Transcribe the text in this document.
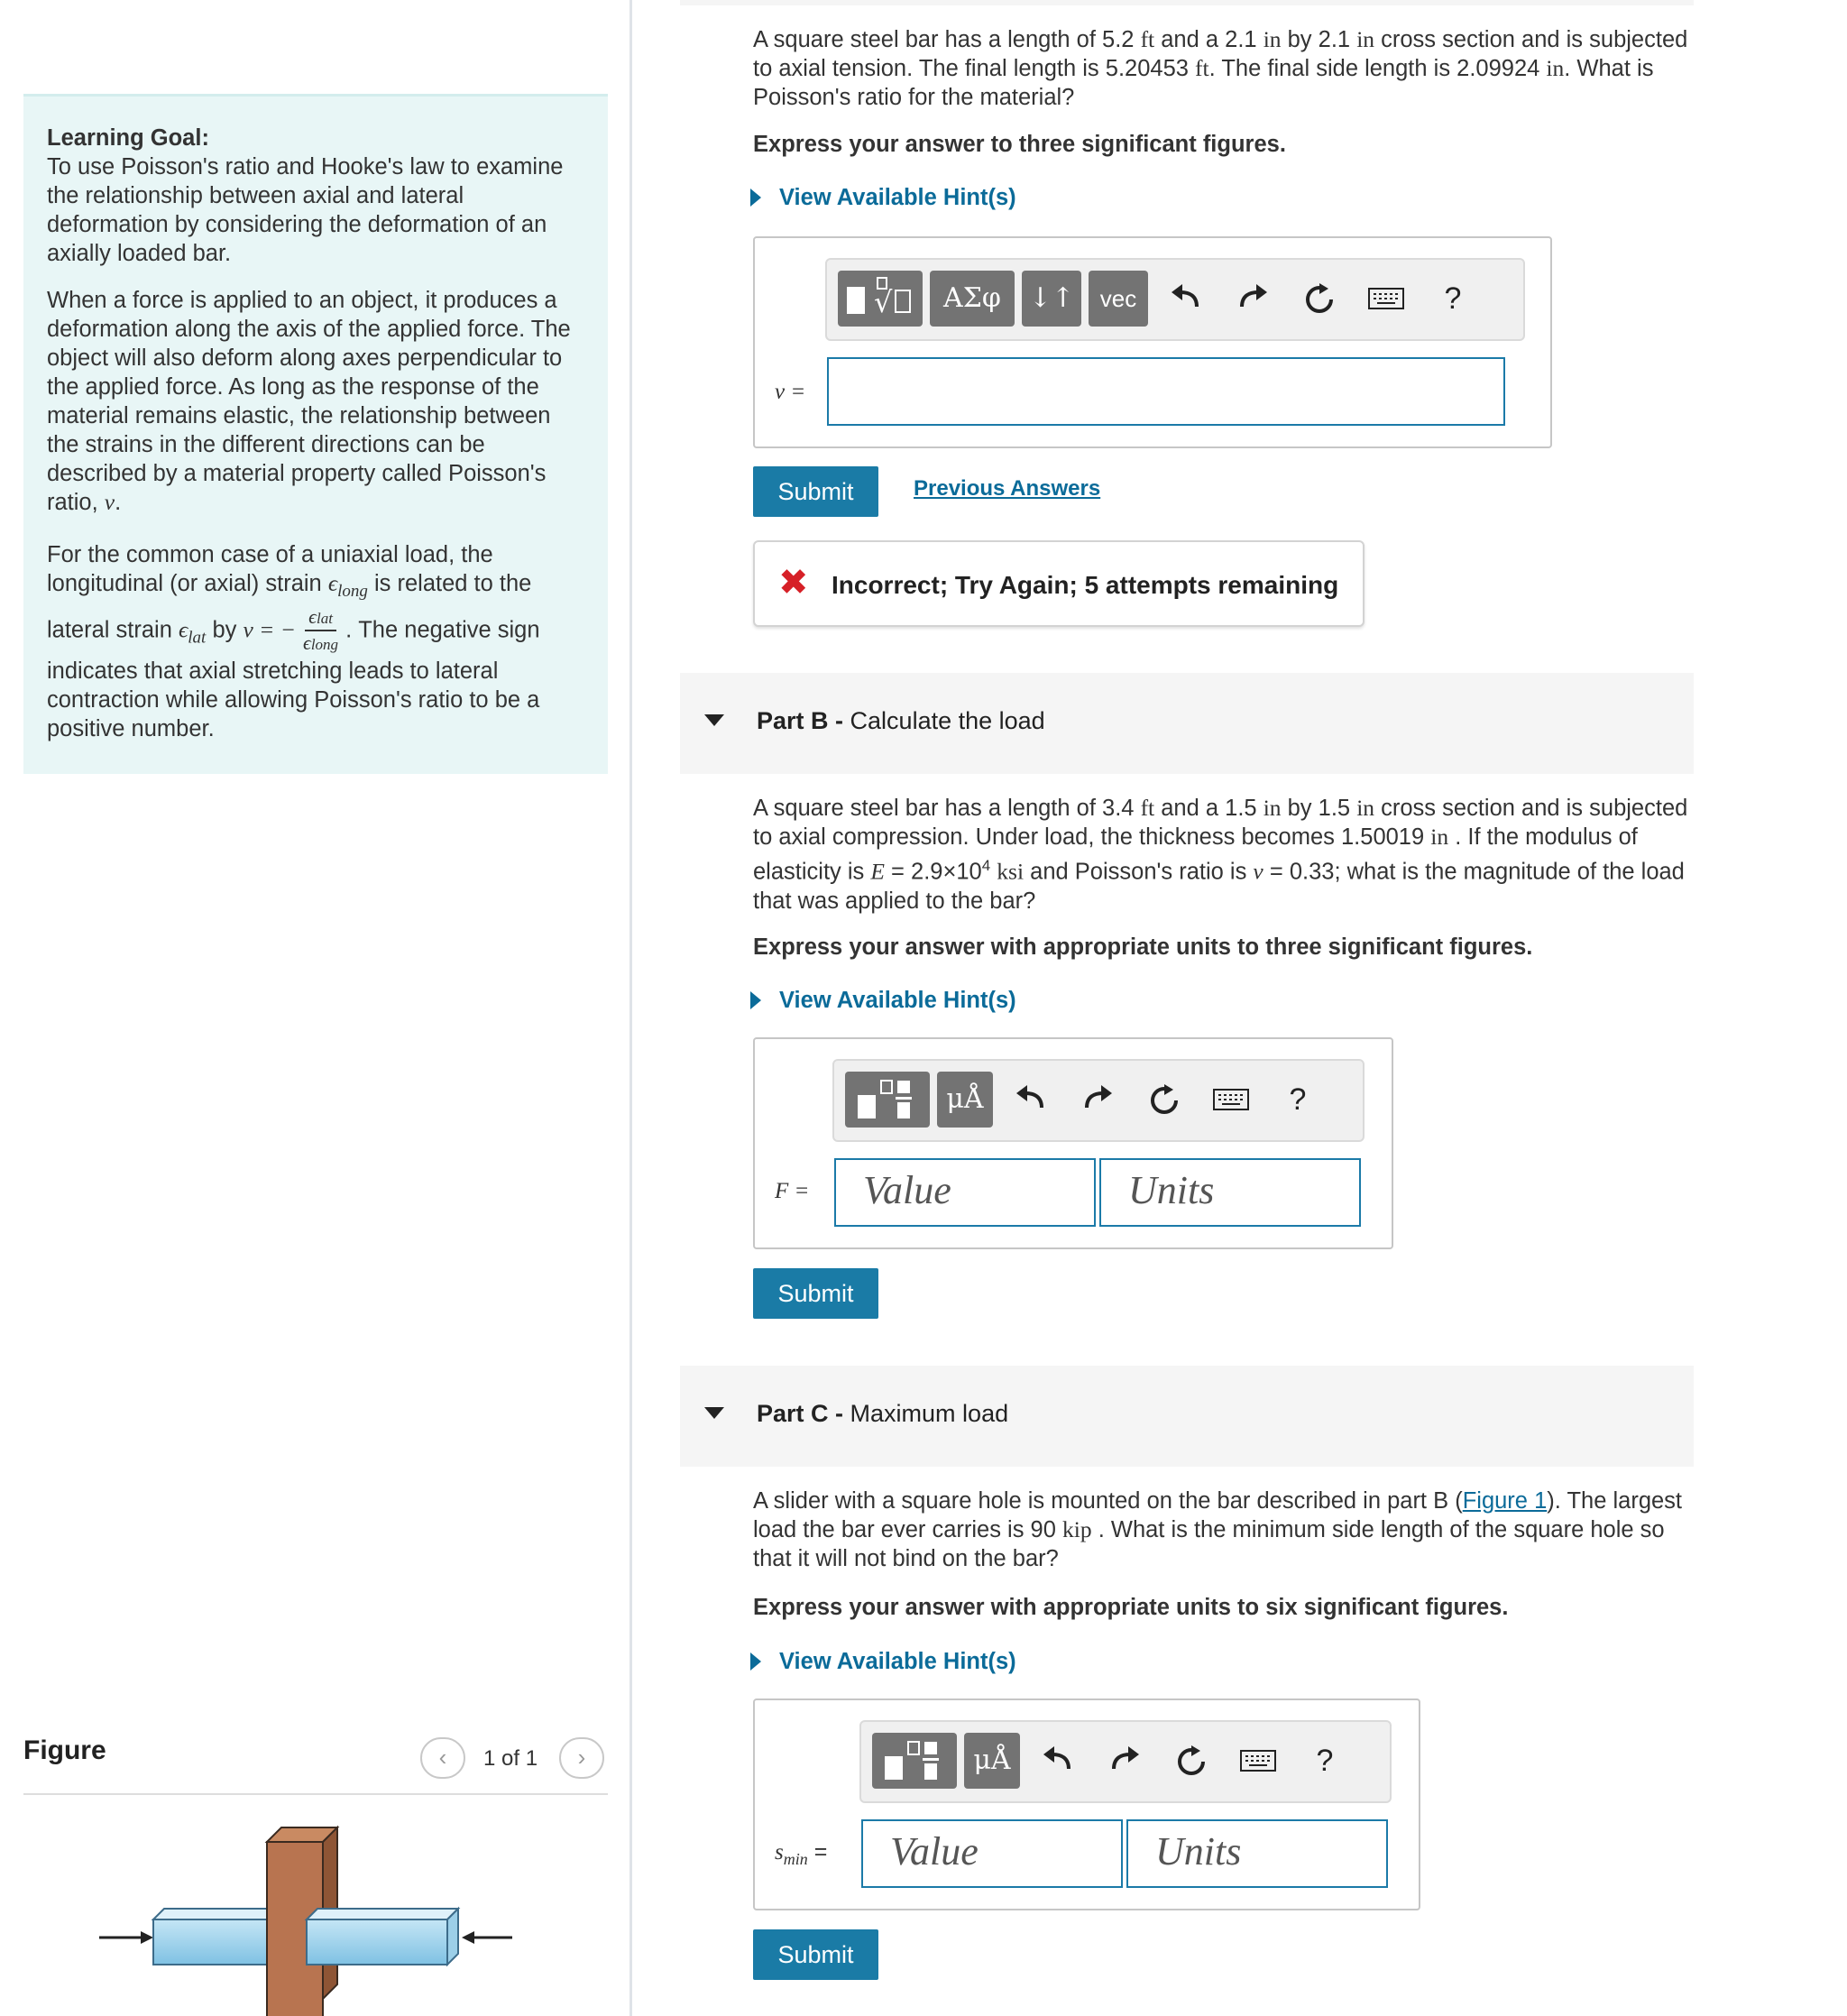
Learning Goal:

To use Poisson's ratio and Hooke's law to examine the relationship between axial and lateral deformation by considering the deformation of an axially loaded bar.

When a force is applied to an object, it produces a deformation along the axis of the applied force. The object will also deform along axes perpendicular to the applied force. As long as the response of the material remains elastic, the relationship between the strains in the different directions can be described by a material property called Poisson's ratio, ν.

For the common case of a uniaxial load, the longitudinal (or axial) strain $\epsilon_{long}$ is related to the lateral strain $\epsilon_{lat}$ by ν = − $\frac{\text{ϵlat}}{\text{ϵlong}}$ . The negative sign indicates that axial stretching leads to lateral contraction while allowing Poisson's ratio to be a positive number.

Figure	‹	1 of 1	›
A square steel bar has a length of 5.2 ft and a 2.1 in by 2.1 in cross section and is subjected to axial tension. The final length is 5.20453 ft. The final side length is 2.09924 in. What is Poisson's ratio for the material?
Express your answer to three significant figures.
View Available Hint(s)
√	ΑΣφ	↓↑	vec	?
ν =
Submit	Previous Answers
✖ Incorrect; Try Again; 5 attempts remaining
Part B - Calculate the load
A square steel bar has a length of 3.4 ft and a 1.5 in by 1.5 in cross section and is subjected to axial compression. Under load, the thickness becomes 1.50019 in . If the modulus of elasticity is $E = 2.9\times 10^4$ ksi and Poisson's ratio is ν = 0.33; what is the magnitude of the load that was applied to the bar?
Express your answer with appropriate units to three significant figures.
View Available Hint(s)
μÅ	?
F = Value	Units
Submit
Part C - Maximum load
A slider with a square hole is mounted on the bar described in part B (Figure 1). The largest load the bar ever carries is 90 kip . What is the minimum side length of the square hole so that it will not bind on the bar?
Express your answer with appropriate units to six significant figures.
View Available Hint(s)
μÅ	?
$s_{min}$ = Value	Units
Submit
